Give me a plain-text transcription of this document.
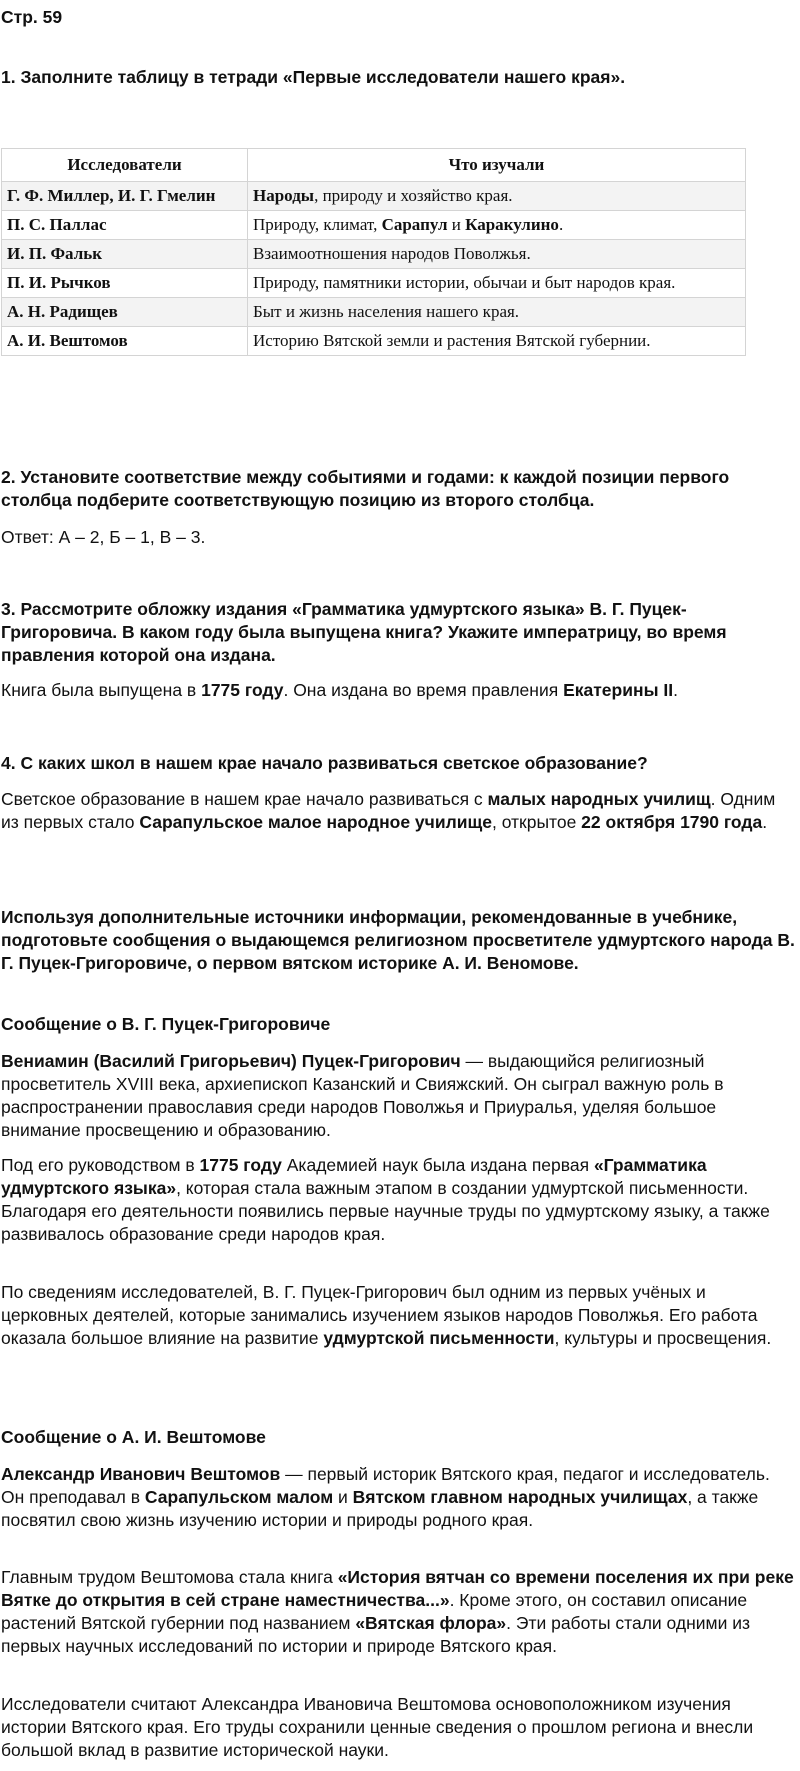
Стр. 59
1. Заполните таблицу в тетради «Первые исследователи нашего края».
Исследователи	Что изучали
Г. Ф. Миллер, И. Г. Гмелин	Народы, природу и хозяйство края.
П. С. Паллас	Природу, климат, Сарапул и Каракулино.
И. П. Фальк	Взаимоотношения народов Поволжья.
П. И. Рычков	Природу, памятники истории, обычаи и быт народов края.
А. Н. Радищев	Быт и жизнь населения нашего края.
А. И. Вештомов	Историю Вятской земли и растения Вятской губернии.
2. Установите соответствие между событиями и годами: к каждой позиции первого столбца подберите соответствующую позицию из второго столбца.
Ответ: А – 2, Б – 1, В – 3.
3. Рассмотрите обложку издания «Грамматика удмуртского языка» В. Г. Пуцек-Григоровича. В каком году была выпущена книга? Укажите императрицу, во время правления которой она издана.
Книга была выпущена в 1775 году. Она издана во время правления Екатерины II.
4. С каких школ в нашем крае начало развиваться светское образование?
Светское образование в нашем крае начало развиваться с малых народных училищ. Одним из первых стало Сарапульское малое народное училище, открытое 22 октября 1790 года.
Используя дополнительные источники информации, рекомендованные в учебнике, подготовьте сообщения о выдающемся религиозном просветителе удмуртского народа В. Г. Пуцек-Григоровиче, о первом вятском историке А. И. Веномове.
Сообщение о В. Г. Пуцек-Григоровиче
Вениамин (Василий Григорьевич) Пуцек-Григорович — выдающийся религиозный просветитель XVIII века, архиепископ Казанский и Свияжский. Он сыграл важную роль в распространении православия среди народов Поволжья и Приуралья, уделяя большое внимание просвещению и образованию.
Под его руководством в 1775 году Академией наук была издана первая «Грамматика удмуртского языка», которая стала важным этапом в создании удмуртской письменности. Благодаря его деятельности появились первые научные труды по удмуртскому языку, а также развивалось образование среди народов края.
По сведениям исследователей, В. Г. Пуцек-Григорович был одним из первых учёных и церковных деятелей, которые занимались изучением языков народов Поволжья. Его работа оказала большое влияние на развитие удмуртской письменности, культуры и просвещения.
Сообщение о А. И. Вештомове
Александр Иванович Вештомов — первый историк Вятского края, педагог и исследователь. Он преподавал в Сарапульском малом и Вятском главном народных училищах, а также посвятил свою жизнь изучению истории и природы родного края.
Главным трудом Вештомова стала книга «История вятчан со времени поселения их при реке Вятке до открытия в сей стране наместничества...». Кроме этого, он составил описание растений Вятской губернии под названием «Вятская флора». Эти работы стали одними из первых научных исследований по истории и природе Вятского края.
Исследователи считают Александра Ивановича Вештомова основоположником изучения истории Вятского края. Его труды сохранили ценные сведения о прошлом региона и внесли большой вклад в развитие исторической науки.
